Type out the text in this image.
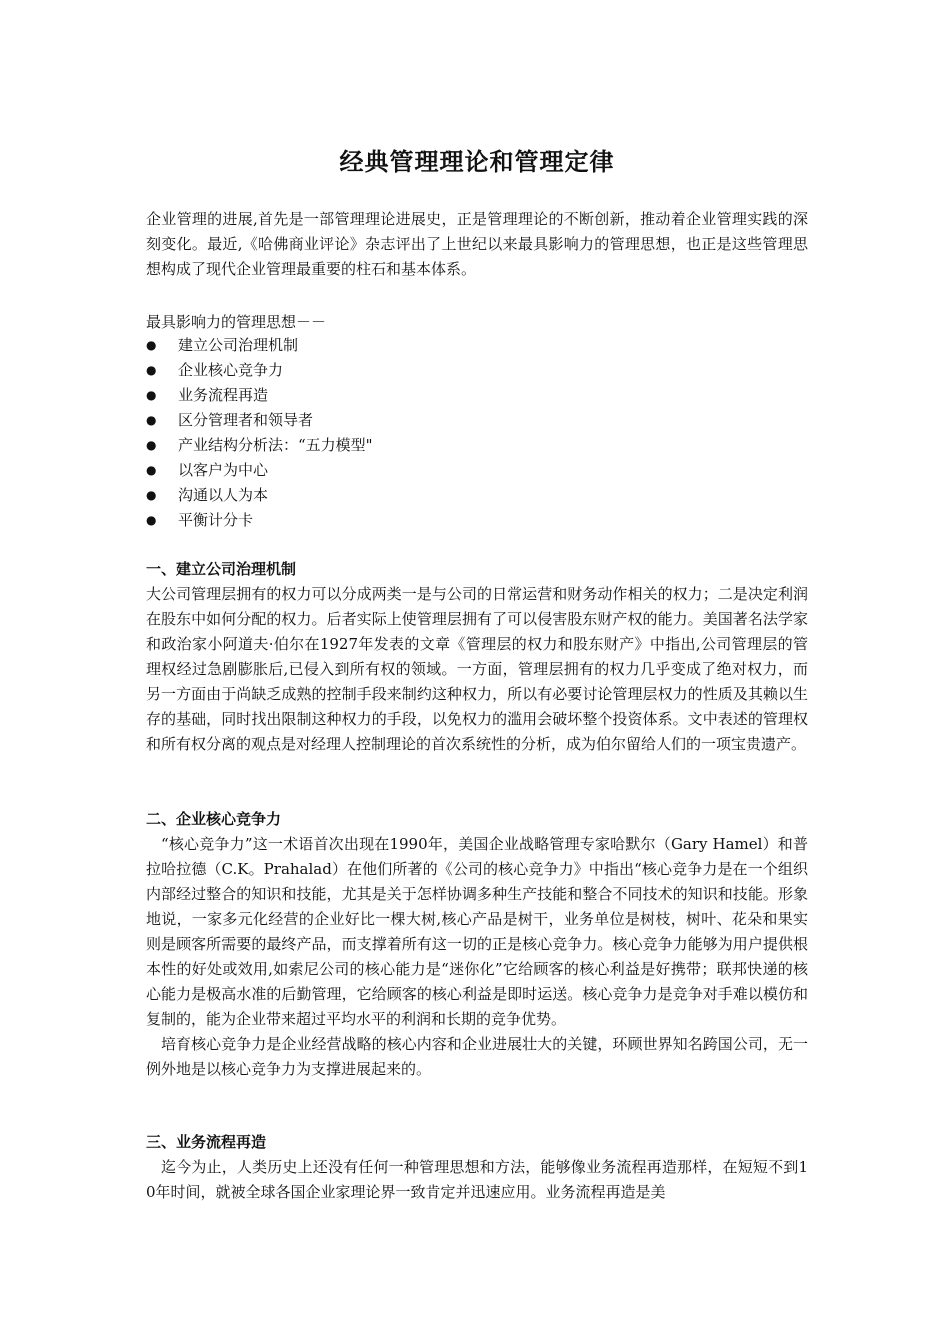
经典管理理论和管理定律

企业管理的进展,首先是一部管理理论进展史，正是管理理论的不断创新，推动着企业管理实践的深刻变化。最近,《哈佛商业评论》杂志评出了上世纪以来最具影响力的管理思想，也正是这些管理思想构成了现代企业管理最重要的柱石和基本体系。

最具影响力的管理思想－－

● 建立公司治理机制
● 企业核心竞争力
● 业务流程再造
● 区分管理者和领导者
● 产业结构分析法：“五力模型"
● 以客户为中心
● 沟通以人为本
● 平衡计分卡
一、建立公司治理机制

大公司管理层拥有的权力可以分成两类一是与公司的日常运营和财务动作相关的权力；二是决定利润在股东中如何分配的权力。后者实际上使管理层拥有了可以侵害股东财产权的能力。美国著名法学家和政治家小阿道夫·伯尔在1927年发表的文章《管理层的权力和股东财产》中指出,公司管理层的管理权经过急剧膨胀后,已侵入到所有权的领域。一方面，管理层拥有的权力几乎变成了绝对权力，而另一方面由于尚缺乏成熟的控制手段来制约这种权力，所以有必要讨论管理层权力的性质及其赖以生存的基础，同时找出限制这种权力的手段，以免权力的滥用会破坏整个投资体系。文中表述的管理权和所有权分离的观点是对经理人控制理论的首次系统性的分析，成为伯尔留给人们的一项宝贵遗产。

二、企业核心竞争力

“核心竞争力”这一术语首次出现在1990年，美国企业战略管理专家哈默尔（Gary Hamel）和普拉哈拉德（C.K。Prahalad）在他们所著的《公司的核心竞争力》中指出“核心竞争力是在一个组织内部经过整合的知识和技能，尤其是关于怎样协调多种生产技能和整合不同技术的知识和技能。形象地说，一家多元化经营的企业好比一棵大树,核心产品是树干，业务单位是树枝，树叶、花朵和果实则是顾客所需要的最终产品，而支撑着所有这一切的正是核心竞争力。核心竞争力能够为用户提供根本性的好处或效用,如索尼公司的核心能力是“迷你化”它给顾客的核心利益是好携带；联邦快递的核心能力是极高水准的后勤管理，它给顾客的核心利益是即时运送。核心竞争力是竞争对手难以模仿和复制的，能为企业带来超过平均水平的利润和长期的竞争优势。

培育核心竞争力是企业经营战略的核心内容和企业进展壮大的关键，环顾世界知名跨国公司，无一例外地是以核心竞争力为支撑进展起来的。

三、业务流程再造

迄今为止，人类历史上还没有任何一种管理思想和方法，能够像业务流程再造那样，在短短不到10年时间，就被全球各国企业家理论界一致肯定并迅速应用。业务流程再造是美
